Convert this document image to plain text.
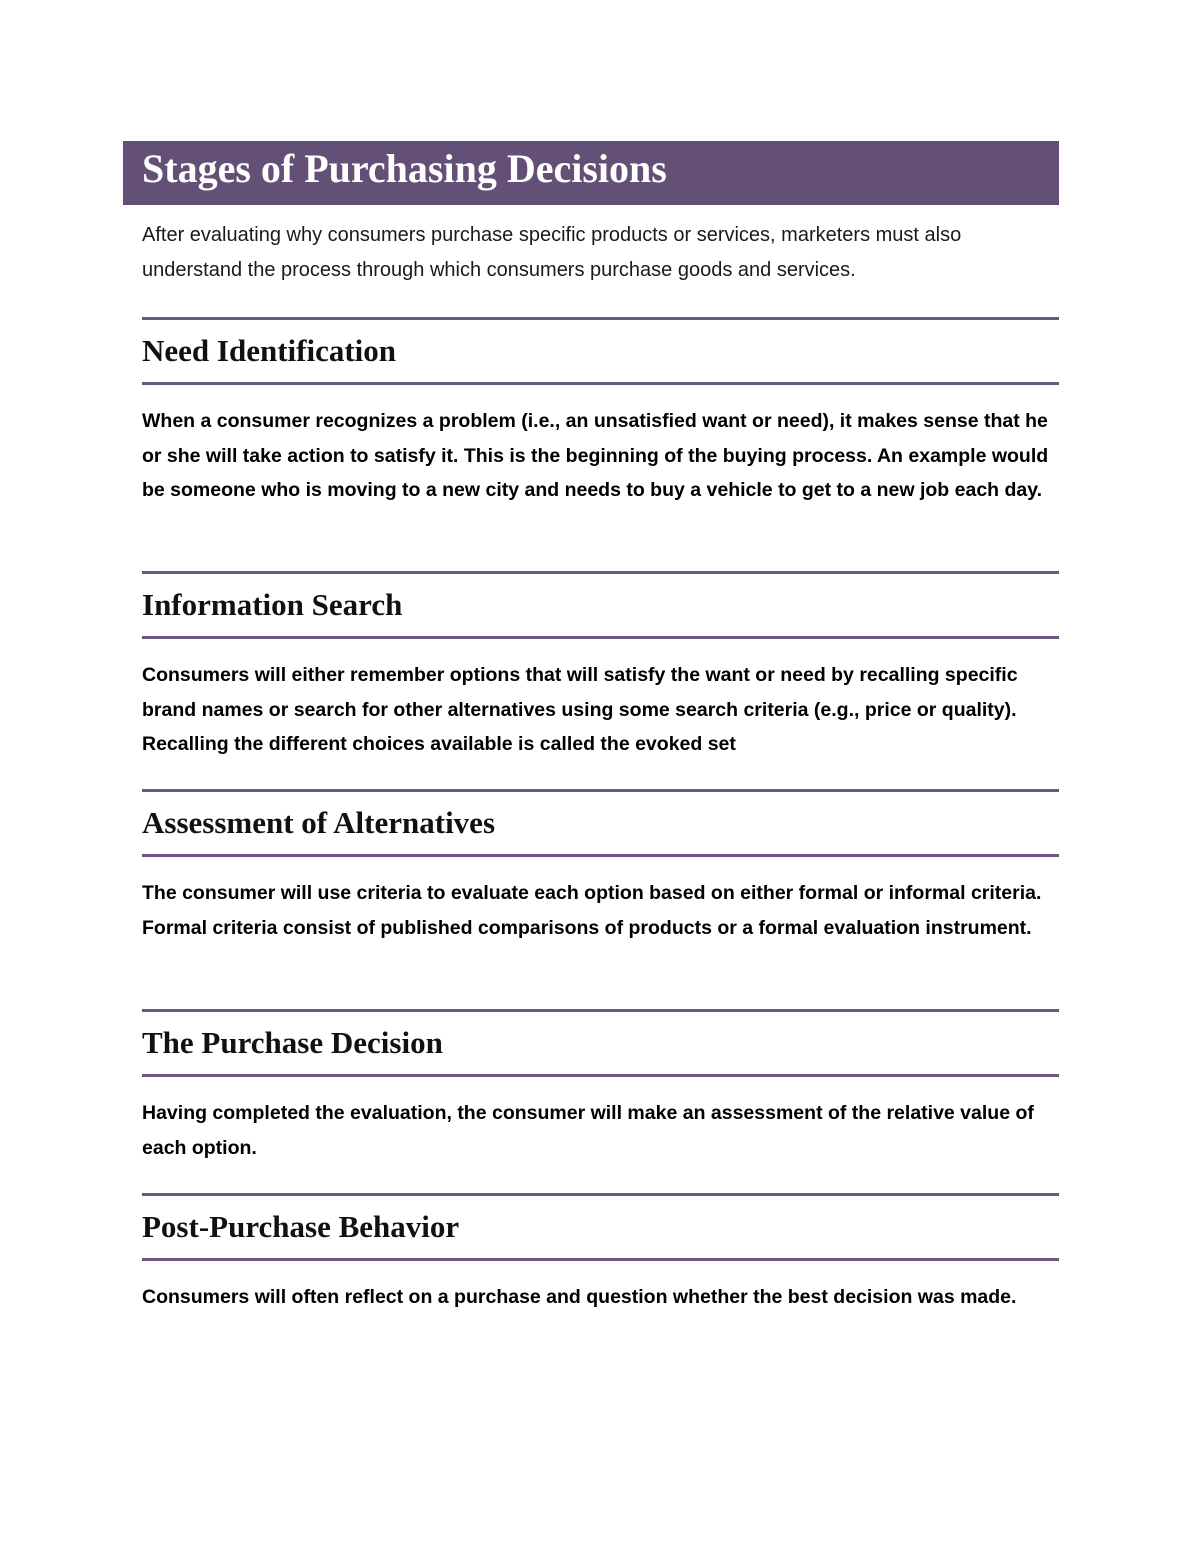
Stages of Purchasing Decisions

After evaluating why consumers purchase specific products or services, marketers must also understand the process through which consumers purchase goods and services.

Need Identification

When a consumer recognizes a problem (i.e., an unsatisfied want or need), it makes sense that he or she will take action to satisfy it. This is the beginning of the buying process. An example would be someone who is moving to a new city and needs to buy a vehicle to get to a new job each day.

Information Search

Consumers will either remember options that will satisfy the want or need by recalling specific brand names or search for other alternatives using some search criteria (e.g., price or quality). Recalling the different choices available is called the evoked set

Assessment of Alternatives

The consumer will use criteria to evaluate each option based on either formal or informal criteria. Formal criteria consist of published comparisons of products or a formal evaluation instrument.

The Purchase Decision

Having completed the evaluation, the consumer will make an assessment of the relative value of each option.

Post-Purchase Behavior

Consumers will often reflect on a purchase and question whether the best decision was made.
